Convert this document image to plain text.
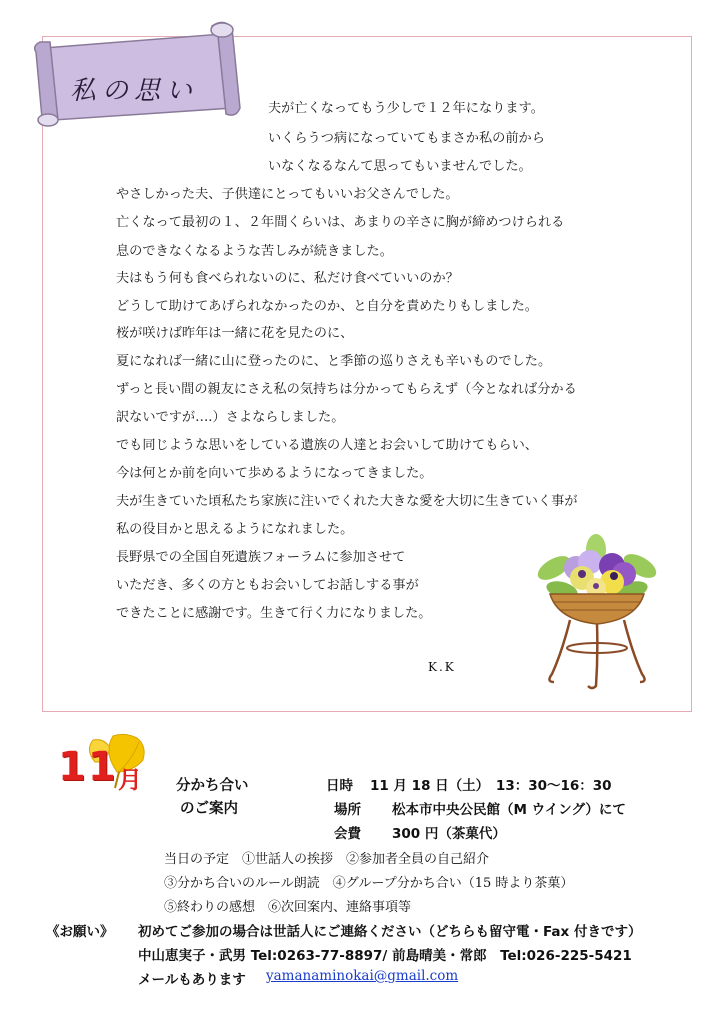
私の思い
夫が亡くなってもう少しで１２年になります。
いくらうつ病になっていてもまさか私の前から
いなくなるなんて思ってもいませんでした。
やさしかった夫、子供達にとってもいいお父さんでした。
亡くなって最初の１、２年間くらいは、あまりの辛さに胸が締めつけられる
息のできなくなるような苦しみが続きました。
夫はもう何も食べられないのに、私だけ食べていいのか？
どうして助けてあげられなかったのか、と自分を責めたりもしました。
桜が咲けば昨年は一緒に花を見たのに、
夏になれば一緒に山に登ったのに、と季節の巡りさえも辛いものでした。
ずっと長い間の親友にさえ私の気持ちは分かってもらえず（今となれば分かる
訳ないですが….）さよならしました。
でも同じような思いをしている遺族の人達とお会いして助けてもらい、
今は何とか前を向いて歩めるようになってきました。
夫が生きていた頃私たち家族に注いでくれた大きな愛を大切に生きていく事が
私の役目かと思えるようになれました。
長野県での全国自死遺族フォーラムに参加させて
いただき、多くの方ともお会いしてお話しする事が
できたことに感謝です。生きて行く力になりました。
K.K
11 月 分かち合い
のご案内
日時 11 月 18 日（土）　13：30〜16：30
場所 松本市中央公民館（M ウイング）にて
会費 300 円（茶菓代）
当日の予定　①世話人の挨拶　②参加者全員の自己紹介
③分かち合いのルール朗読　④グループ分かち合い（15 時より茶菓）
⑤終わりの感想　⑥次回案内、連絡事項等
《お願い》 初めてご参加の場合は世話人にご連絡ください（どちらも留守電・Fax 付きです）
中山恵実子・武男 Tel:0263-77-8897/ 前島晴美・常郎　Tel:026-225-5421
メールもあります yamanaminokai@gmail.com
